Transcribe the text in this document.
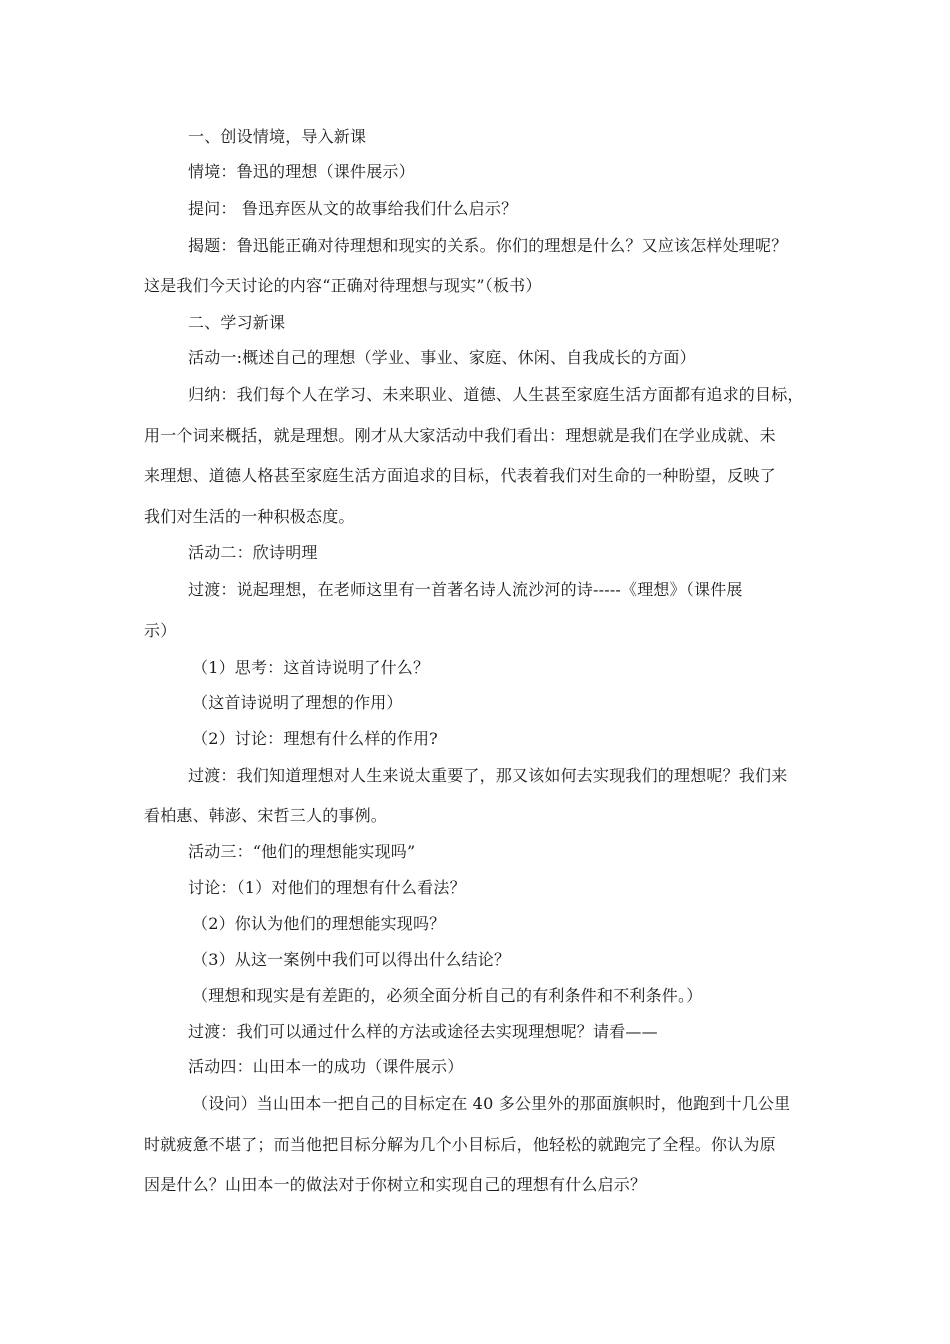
一、创设情境，导入新课
情境：鲁迅的理想（课件展示）
提问： 鲁迅弃医从文的故事给我们什么启示？
揭题：鲁迅能正确对待理想和现实的关系。你们的理想是什么？又应该怎样处理呢？
这是我们今天讨论的内容“正确对待理想与现实”（板书）
二、学习新课
活动一:概述自己的理想（学业、事业、家庭、休闲、自我成长的方面）
归纳：我们每个人在学习、未来职业、道德、人生甚至家庭生活方面都有追求的目标，
用一个词来概括，就是理想。刚才从大家活动中我们看出：理想就是我们在学业成就、未
来理想、道德人格甚至家庭生活方面追求的目标，代表着我们对生命的一种盼望，反映了
我们对生活的一种积极态度。
活动二：欣诗明理
过渡：说起理想，在老师这里有一首著名诗人流沙河的诗-----《理想》（课件展
示）
（1）思考：这首诗说明了什么？
（这首诗说明了理想的作用）
（2）讨论：理想有什么样的作用?
过渡：我们知道理想对人生来说太重要了，那又该如何去实现我们的理想呢？我们来
看柏惠、韩澎、宋哲三人的事例。
活动三：“他们的理想能实现吗”
讨论：（1）对他们的理想有什么看法？
（2）你认为他们的理想能实现吗？
（3）从这一案例中我们可以得出什么结论？
（理想和现实是有差距的，必须全面分析自己的有利条件和不利条件。）
过渡：我们可以通过什么样的方法或途径去实现理想呢？请看——
活动四：山田本一的成功（课件展示）
（设问）当山田本一把自己的目标定在 40 多公里外的那面旗帜时，他跑到十几公里
时就疲惫不堪了；而当他把目标分解为几个小目标后，他轻松的就跑完了全程。你认为原
因是什么？山田本一的做法对于你树立和实现自己的理想有什么启示？
